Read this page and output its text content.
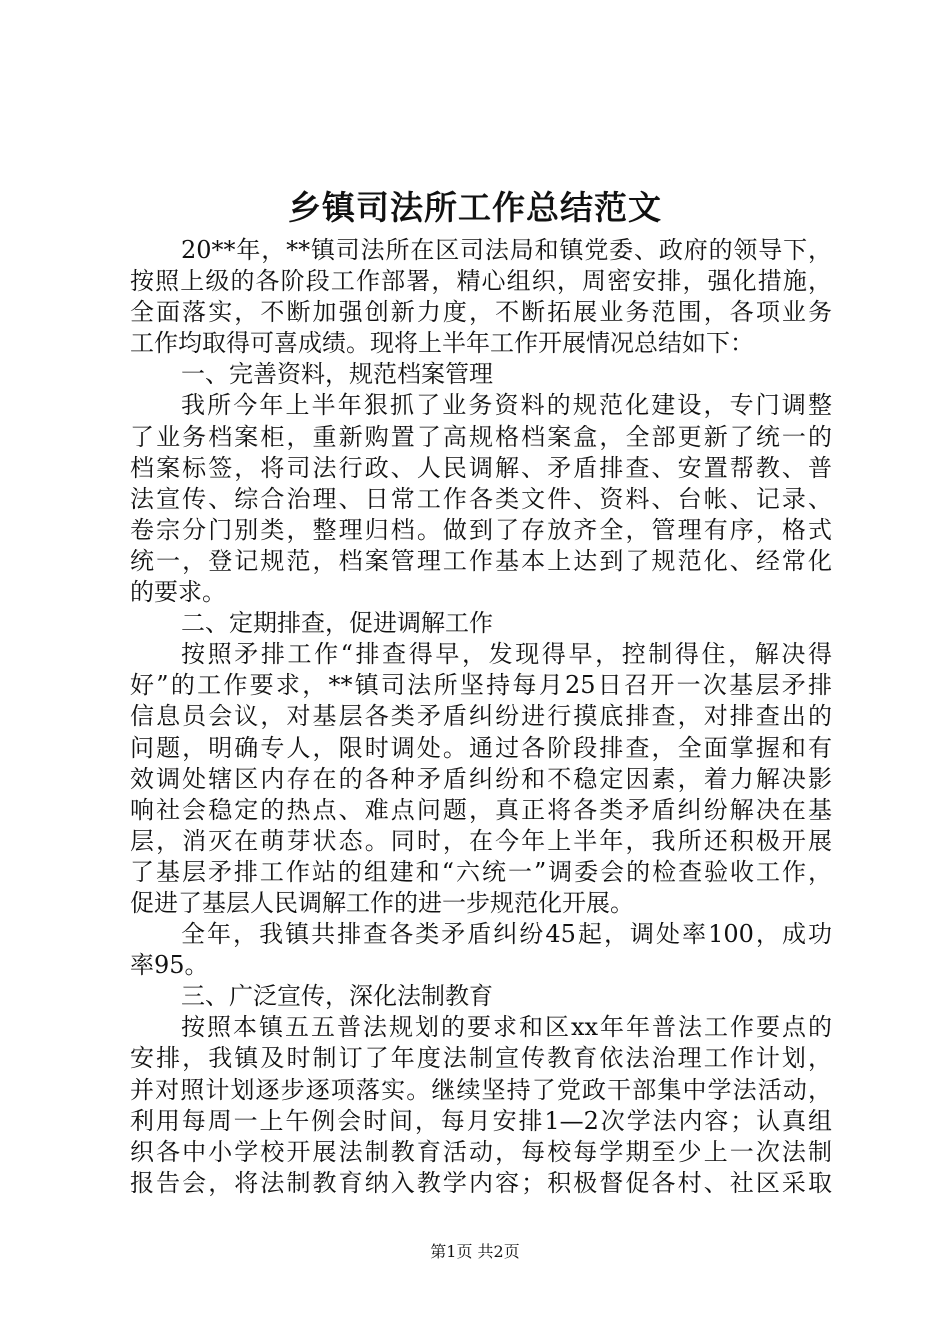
乡镇司法所工作总结范文
20**年，**镇司法所在区司法局和镇党委、政府的领导下，
按照上级的各阶段工作部署，精心组织，周密安排，强化措施，
全面落实，不断加强创新力度，不断拓展业务范围，各项业务
工作均取得可喜成绩。现将上半年工作开展情况总结如下：
一、完善资料，规范档案管理
我所今年上半年狠抓了业务资料的规范化建设，专门调整
了业务档案柜，重新购置了高规格档案盒，全部更新了统一的
档案标签，将司法行政、人民调解、矛盾排查、安置帮教、普
法宣传、综合治理、日常工作各类文件、资料、台帐、记录、
卷宗分门别类，整理归档。做到了存放齐全，管理有序，格式
统一，登记规范，档案管理工作基本上达到了规范化、经常化
的要求。
二、定期排查，促进调解工作
按照矛排工作“排查得早，发现得早，控制得住，解决得
好”的工作要求，**镇司法所坚持每月25日召开一次基层矛排
信息员会议，对基层各类矛盾纠纷进行摸底排查，对排查出的
问题，明确专人，限时调处。通过各阶段排查，全面掌握和有
效调处辖区内存在的各种矛盾纠纷和不稳定因素，着力解决影
响社会稳定的热点、难点问题，真正将各类矛盾纠纷解决在基
层，消灭在萌芽状态。同时，在今年上半年，我所还积极开展
了基层矛排工作站的组建和“六统一”调委会的检查验收工作，
促进了基层人民调解工作的进一步规范化开展。
全年，我镇共排查各类矛盾纠纷45起，调处率100，成功
率95。
三、广泛宣传，深化法制教育
按照本镇五五普法规划的要求和区xx年年普法工作要点的
安排，我镇及时制订了年度法制宣传教育依法治理工作计划，
并对照计划逐步逐项落实。继续坚持了党政干部集中学法活动，
利用每周一上午例会时间，每月安排1—2次学法内容；认真组
织各中小学校开展法制教育活动，每校每学期至少上一次法制
报告会，将法制教育纳入教学内容；积极督促各村、社区采取
第1页 共2页
